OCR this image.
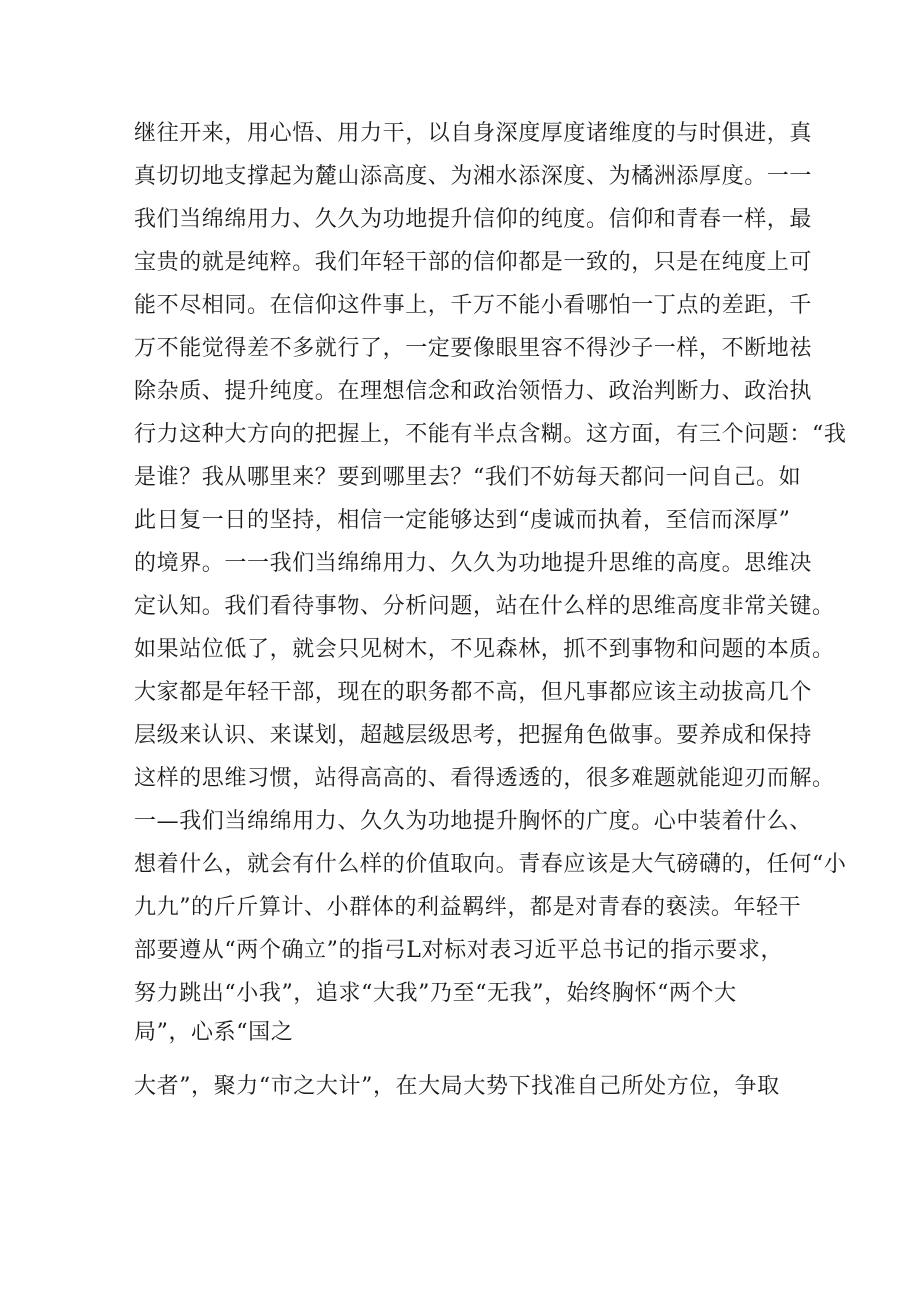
继往开来，用心悟、用力干，以自身深度厚度诸维度的与时俱进，真
真切切地支撑起为麓山添高度、为湘水添深度、为橘洲添厚度。一一
我们当绵绵用力、久久为功地提升信仰的纯度。信仰和青春一样，最
宝贵的就是纯粹。我们年轻干部的信仰都是一致的，只是在纯度上可
能不尽相同。在信仰这件事上，千万不能小看哪怕一丁点的差距，千
万不能觉得差不多就行了，一定要像眼里容不得沙子一样，不断地祛
除杂质、提升纯度。在理想信念和政治领悟力、政治判断力、政治执
行力这种大方向的把握上，不能有半点含糊。这方面，有三个问题：“我
是谁？我从哪里来？要到哪里去？“我们不妨每天都问一问自己。如
此日复一日的坚持，相信一定能够达到“虔诚而执着，至信而深厚”
的境界。一一我们当绵绵用力、久久为功地提升思维的高度。思维决
定认知。我们看待事物、分析问题，站在什么样的思维高度非常关键。
如果站位低了，就会只见树木，不见森林，抓不到事物和问题的本质。
大家都是年轻干部，现在的职务都不高，但凡事都应该主动拔高几个
层级来认识、来谋划，超越层级思考，把握角色做事。要养成和保持
这样的思维习惯，站得高高的、看得透透的，很多难题就能迎刃而解。
一—我们当绵绵用力、久久为功地提升胸怀的广度。心中装着什么、
想着什么，就会有什么样的价值取向。青春应该是大气磅礴的，任何“小
九九”的斤斤算计、小群体的利益羁绊，都是对青春的亵渎。年轻干
部要遵从“两个确立”的指弓L对标对表习近平总书记的指示要求，
努力跳出“小我”，追求“大我”乃至“无我”，始终胸怀“两个大
局”，心系“国之
大者”，聚力“市之大计”，在大局大势下找准自己所处方位，争取
